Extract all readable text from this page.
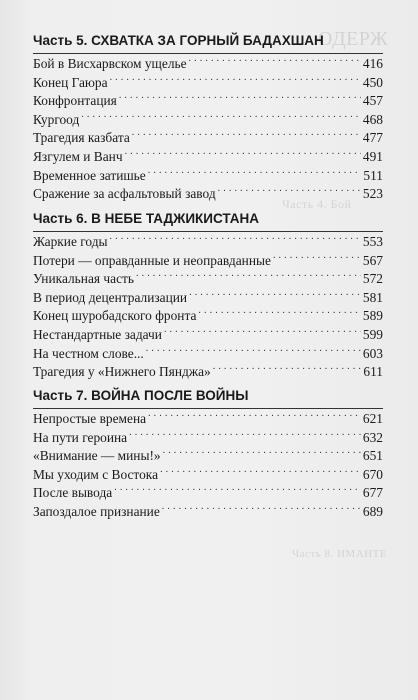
ОДЕРЖ
Часть 4. Бой
Часть 8. ИМАНТЕ
Часть 5. СХВАТКА ЗА ГОРНЫЙ БАДАХШАН
Бой в Висхарвском ущелье . . .	416
Конец Гаюра . . .	450
Конфронтация . . .	457
Кургоод . . .	468
Трагедия казбата . . .	477
Язгулем и Ванч . . .	491
Временное затишье . . .	511
Сражение за асфальтовый завод . . .	523
Часть 6. В НЕБЕ ТАДЖИКИСТАНА
Жаркие годы . . .	553
Потери — оправданные и неоправданные . . .	567
Уникальная часть . . .	572
В период децентрализации . . .	581
Конец шуробадского фронта . . .	589
Нестандартные задачи . . .	599
На честном слове... . . .	603
Трагедия у «Нижнего Пянджа» . . .	611
Часть 7. ВОЙНА ПОСЛЕ ВОЙНЫ
Непростые времена . . .	621
На пути героина . . .	632
«Внимание — мины!» . . .	651
Мы уходим с Востока . . .	670
После вывода . . .	677
Запоздалое признание . . .	689
